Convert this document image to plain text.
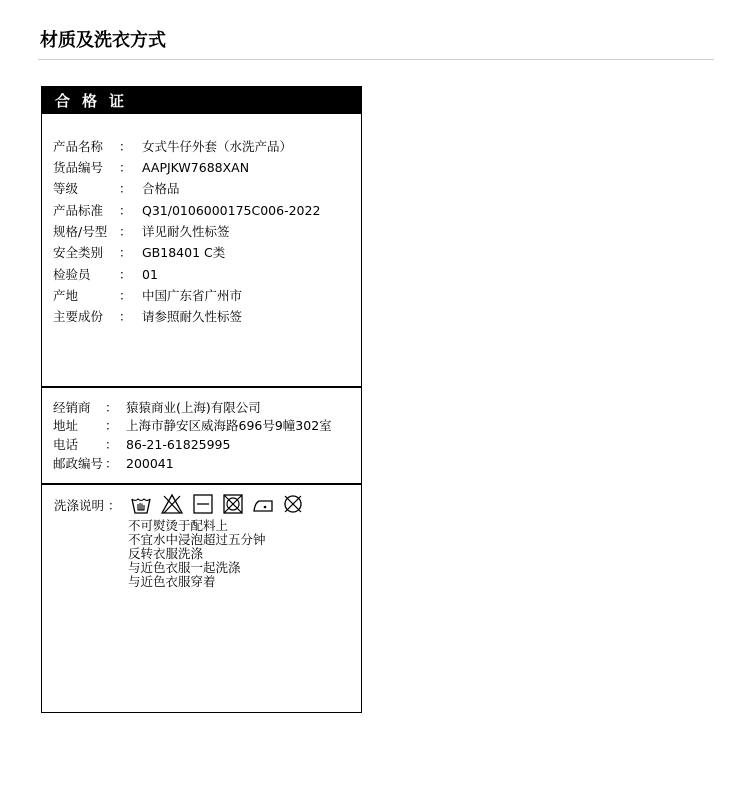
材质及洗衣方式
合格证
产品名称 ： 女式牛仔外套（水洗产品）
货品编号 ： AAPJKW7688XAN
等级	： 合格品
产品标准 ： Q31/0106000175C006-2022
规格/号型 ： 详见耐久性标签
安全类别 ： GB18401 C类
检验员 ： 01
产地	： 中国广东省广州市
主要成份 ： 请参照耐久性标签
经销商 ： 猿猿商业(上海)有限公司
地址 ： 上海市静安区威海路696号9幢302室
电话 ： 86-21-61825995
邮政编号 ： 200041
洗涤说明 ：
不可熨烫于配料上
不宜水中浸泡超过五分钟
反转衣服洗涤
与近色衣服一起洗涤
与近色衣服穿着
